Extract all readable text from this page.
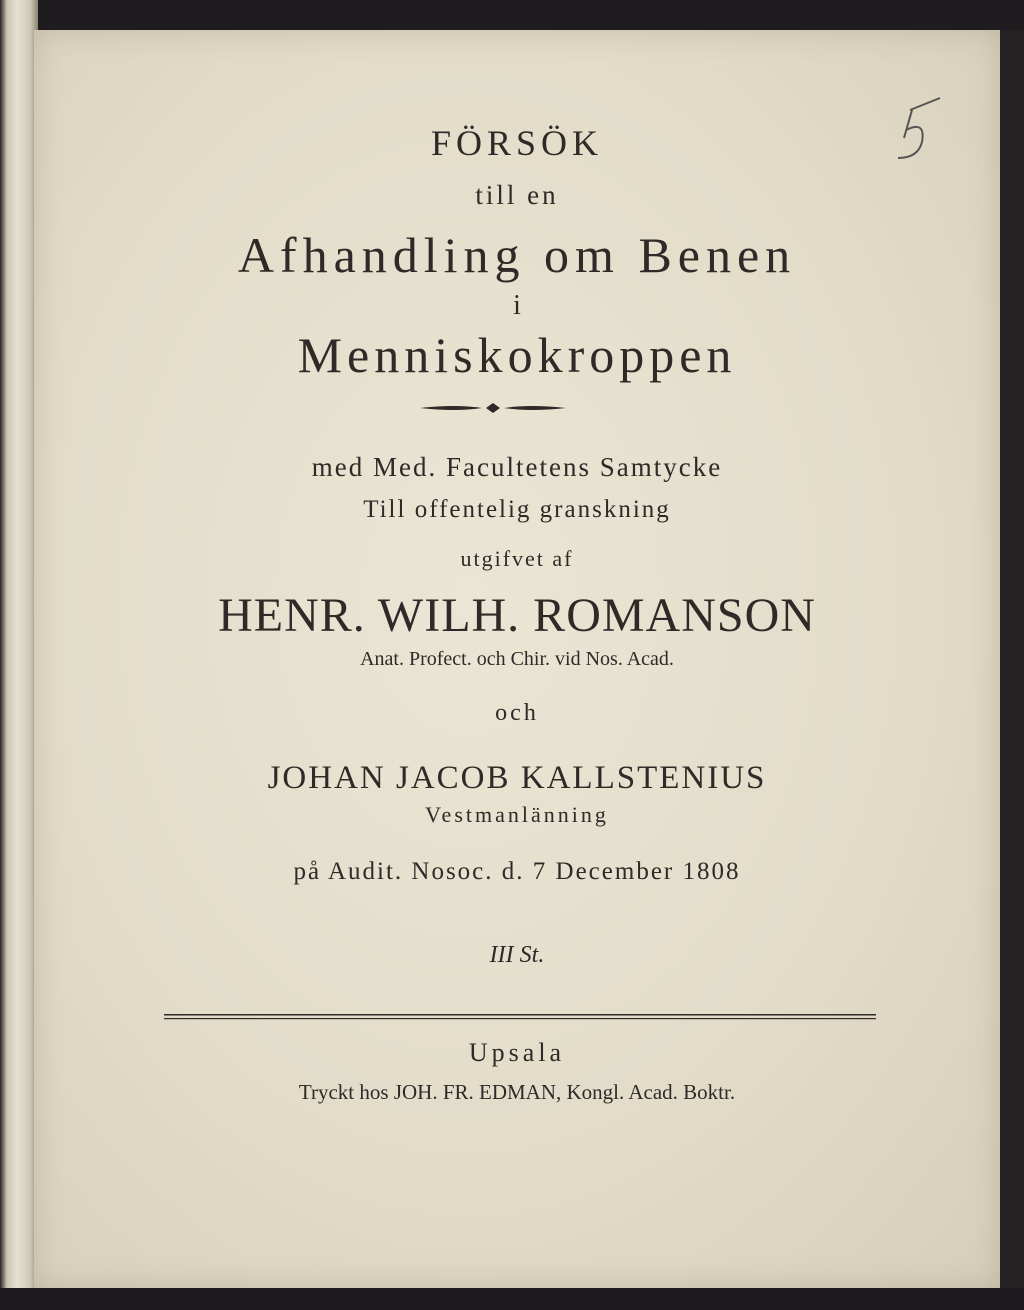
FÖRSÖK
till en
Afhandling om Benen
i
Menniskokroppen
med Med. Facultetens Samtycke
Till offentelig granskning
utgifvet af
HENR. WILH. ROMANSON
Anat. Profect. och Chir. vid Nos. Acad.
och
JOHAN JACOB KALLSTENIUS
Vestmanlänning
på Audit. Nosoc. d. 7 December 1808
III St.
Upsala
Tryckt hos JOH. FR. EDMAN, Kongl. Acad. Boktr.
